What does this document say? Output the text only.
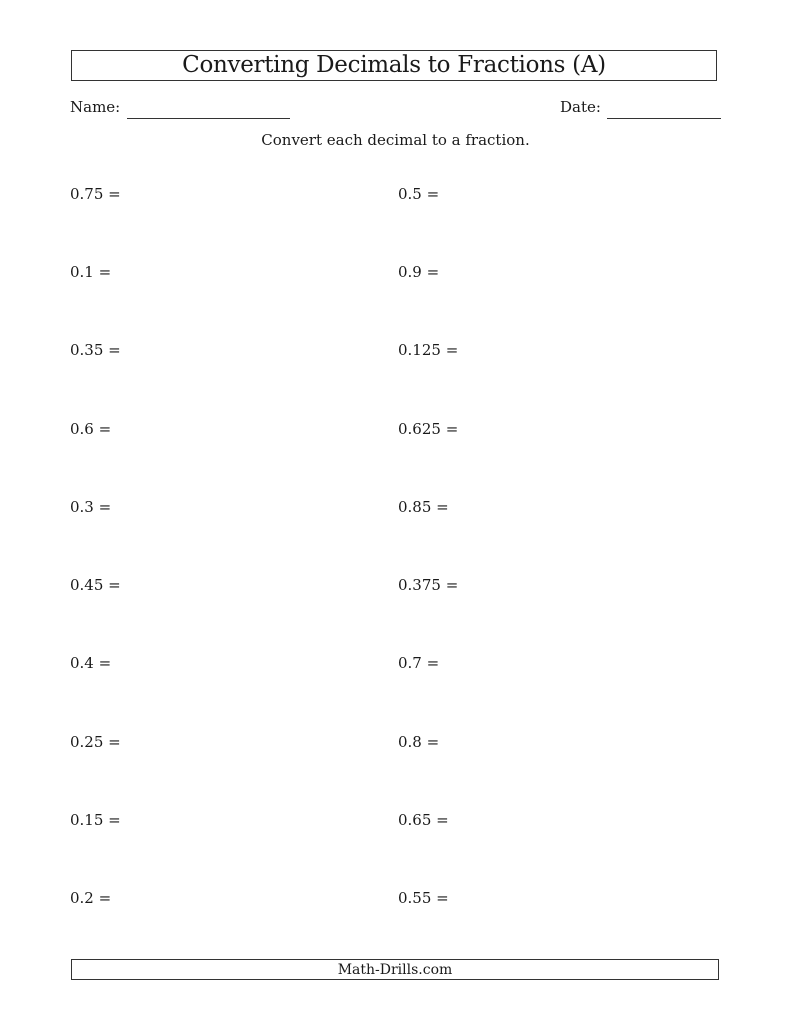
Converting Decimals to Fractions (A)
Name:	Date:
Convert each decimal to a fraction.
0.75 =
0.1 =
0.35 =
0.6 =
0.3 =
0.45 =
0.4 =
0.25 =
0.15 =
0.2 =
0.5 =
0.9 =
0.125 =
0.625 =
0.85 =
0.375 =
0.7 =
0.8 =
0.65 =
0.55 =
Math-Drills.com
